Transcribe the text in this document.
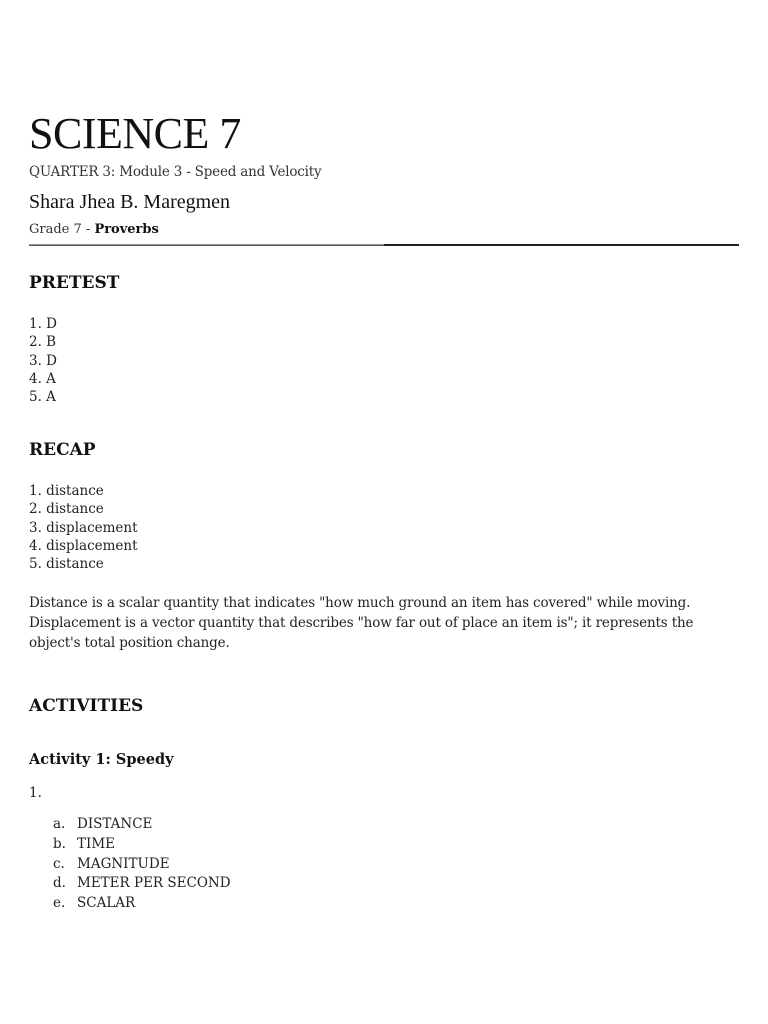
SCIENCE 7
QUARTER 3: Module 3 - Speed and Velocity
Shara Jhea B. Maregmen
Grade 7 - Proverbs
PRETEST
1. D
2. B
3. D
4. A
5. A
RECAP
1. distance
2. distance
3. displacement
4. displacement
5. distance

Distance is a scalar quantity that indicates "how much ground an item has covered" while moving. Displacement is a vector quantity that describes "how far out of place an item is"; it represents the object's total position change.

ACTIVITIES
Activity 1: Speedy
1.
a. DISTANCE
b. TIME
c. MAGNITUDE
d. METER PER SECOND
e. SCALAR
